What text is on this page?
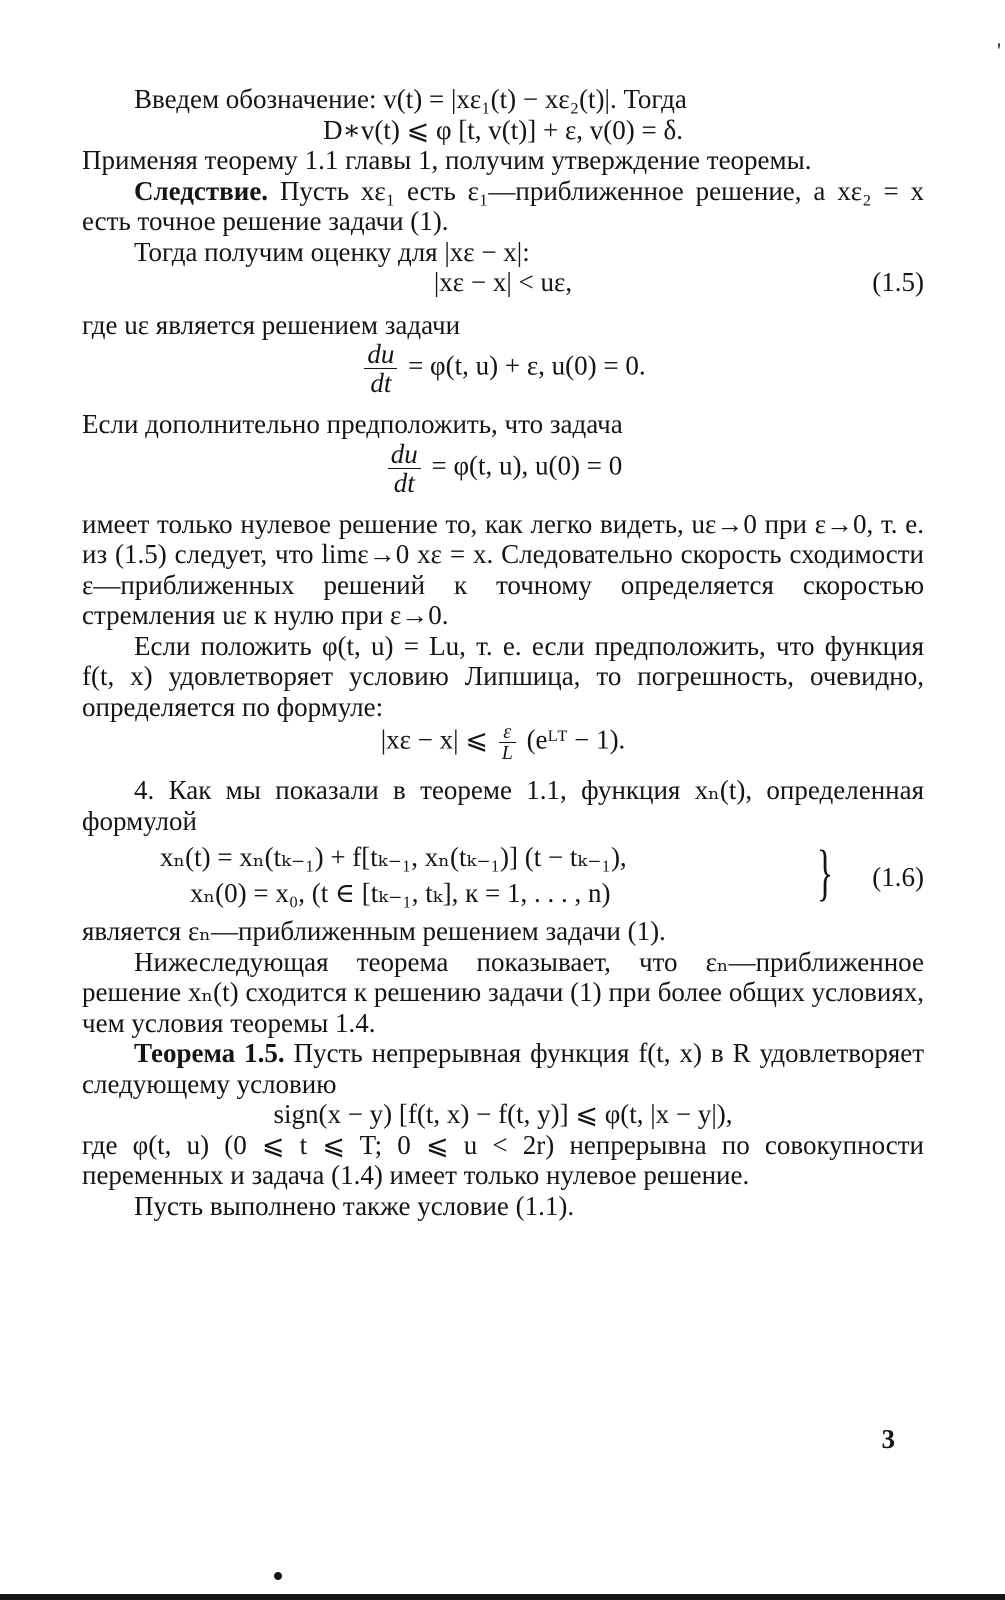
Введем обозначение: v(t) = |xε₁(t) − xε₂(t)|. Тогда

D∗v(t) ⩽ φ [t, v(t)] + ε, v(0) = δ.

Применяя теорему 1.1 главы 1, получим утверждение теоремы.

Следствие. Пусть xε₁ есть ε₁—приближенное решение, а xε₂ = x есть точное решение задачи (1).

Тогда получим оценку для |xε − x|:

|xε − x| < uε,	(1.5)

где uε является решением задачи

$\frac{du}{dt} = \varphi(t$, u) + ε, u(0) = 0.

Если дополнительно предположить, что задача

$\frac{du}{dt} = \varphi(t$, u), u(0) = 0

имеет только нулевое решение то, как легко видеть, uε→0 при ε→0, т. е. из (1.5) следует, что limε→0 xε = x. Следовательно скорость сходимости ε—приближенных решений к точному определяется скоростью стремления uε к нулю при ε→0.

Если положить φ(t, u) = Lu, т. е. если предположить, что функция f(t, x) удовлетворяет условию Липшица, то погрешность, очевидно, определяется по формуле:

|xε − x| ⩽ $\frac{\varepsilon}{L}$ (eᴸᵀ − 1).

4. Как мы показали в теореме 1.1, функция xₙ(t), определенная формулой

xₙ(t) = xₙ(tₖ₋₁) + f[tₖ₋₁, xₙ(tₖ₋₁)] (t − tₖ₋₁),
xₙ(0) = x₀, (t ∈ [tₖ₋₁, tₖ], к = 1, . . . , n)	} (1.6)

является εₙ—приближенным решением задачи (1).

Нижеследующая теорема показывает, что εₙ—приближенное решение xₙ(t) сходится к решению задачи (1) при более общих условиях, чем условия теоремы 1.4.

Теорема 1.5. Пусть непрерывная функция f(t, x) в R удовлетворяет следующему условию

sign(x − y) [f(t, x) − f(t, y)] ⩽ φ(t, |x − y|),

где φ(t, u) (0 ⩽ t ⩽ T; 0 ⩽ u < 2r) непрерывна по совокупности переменных и задача (1.4) имеет только нулевое решение.

Пусть выполнено также условие (1.1).

'
3
